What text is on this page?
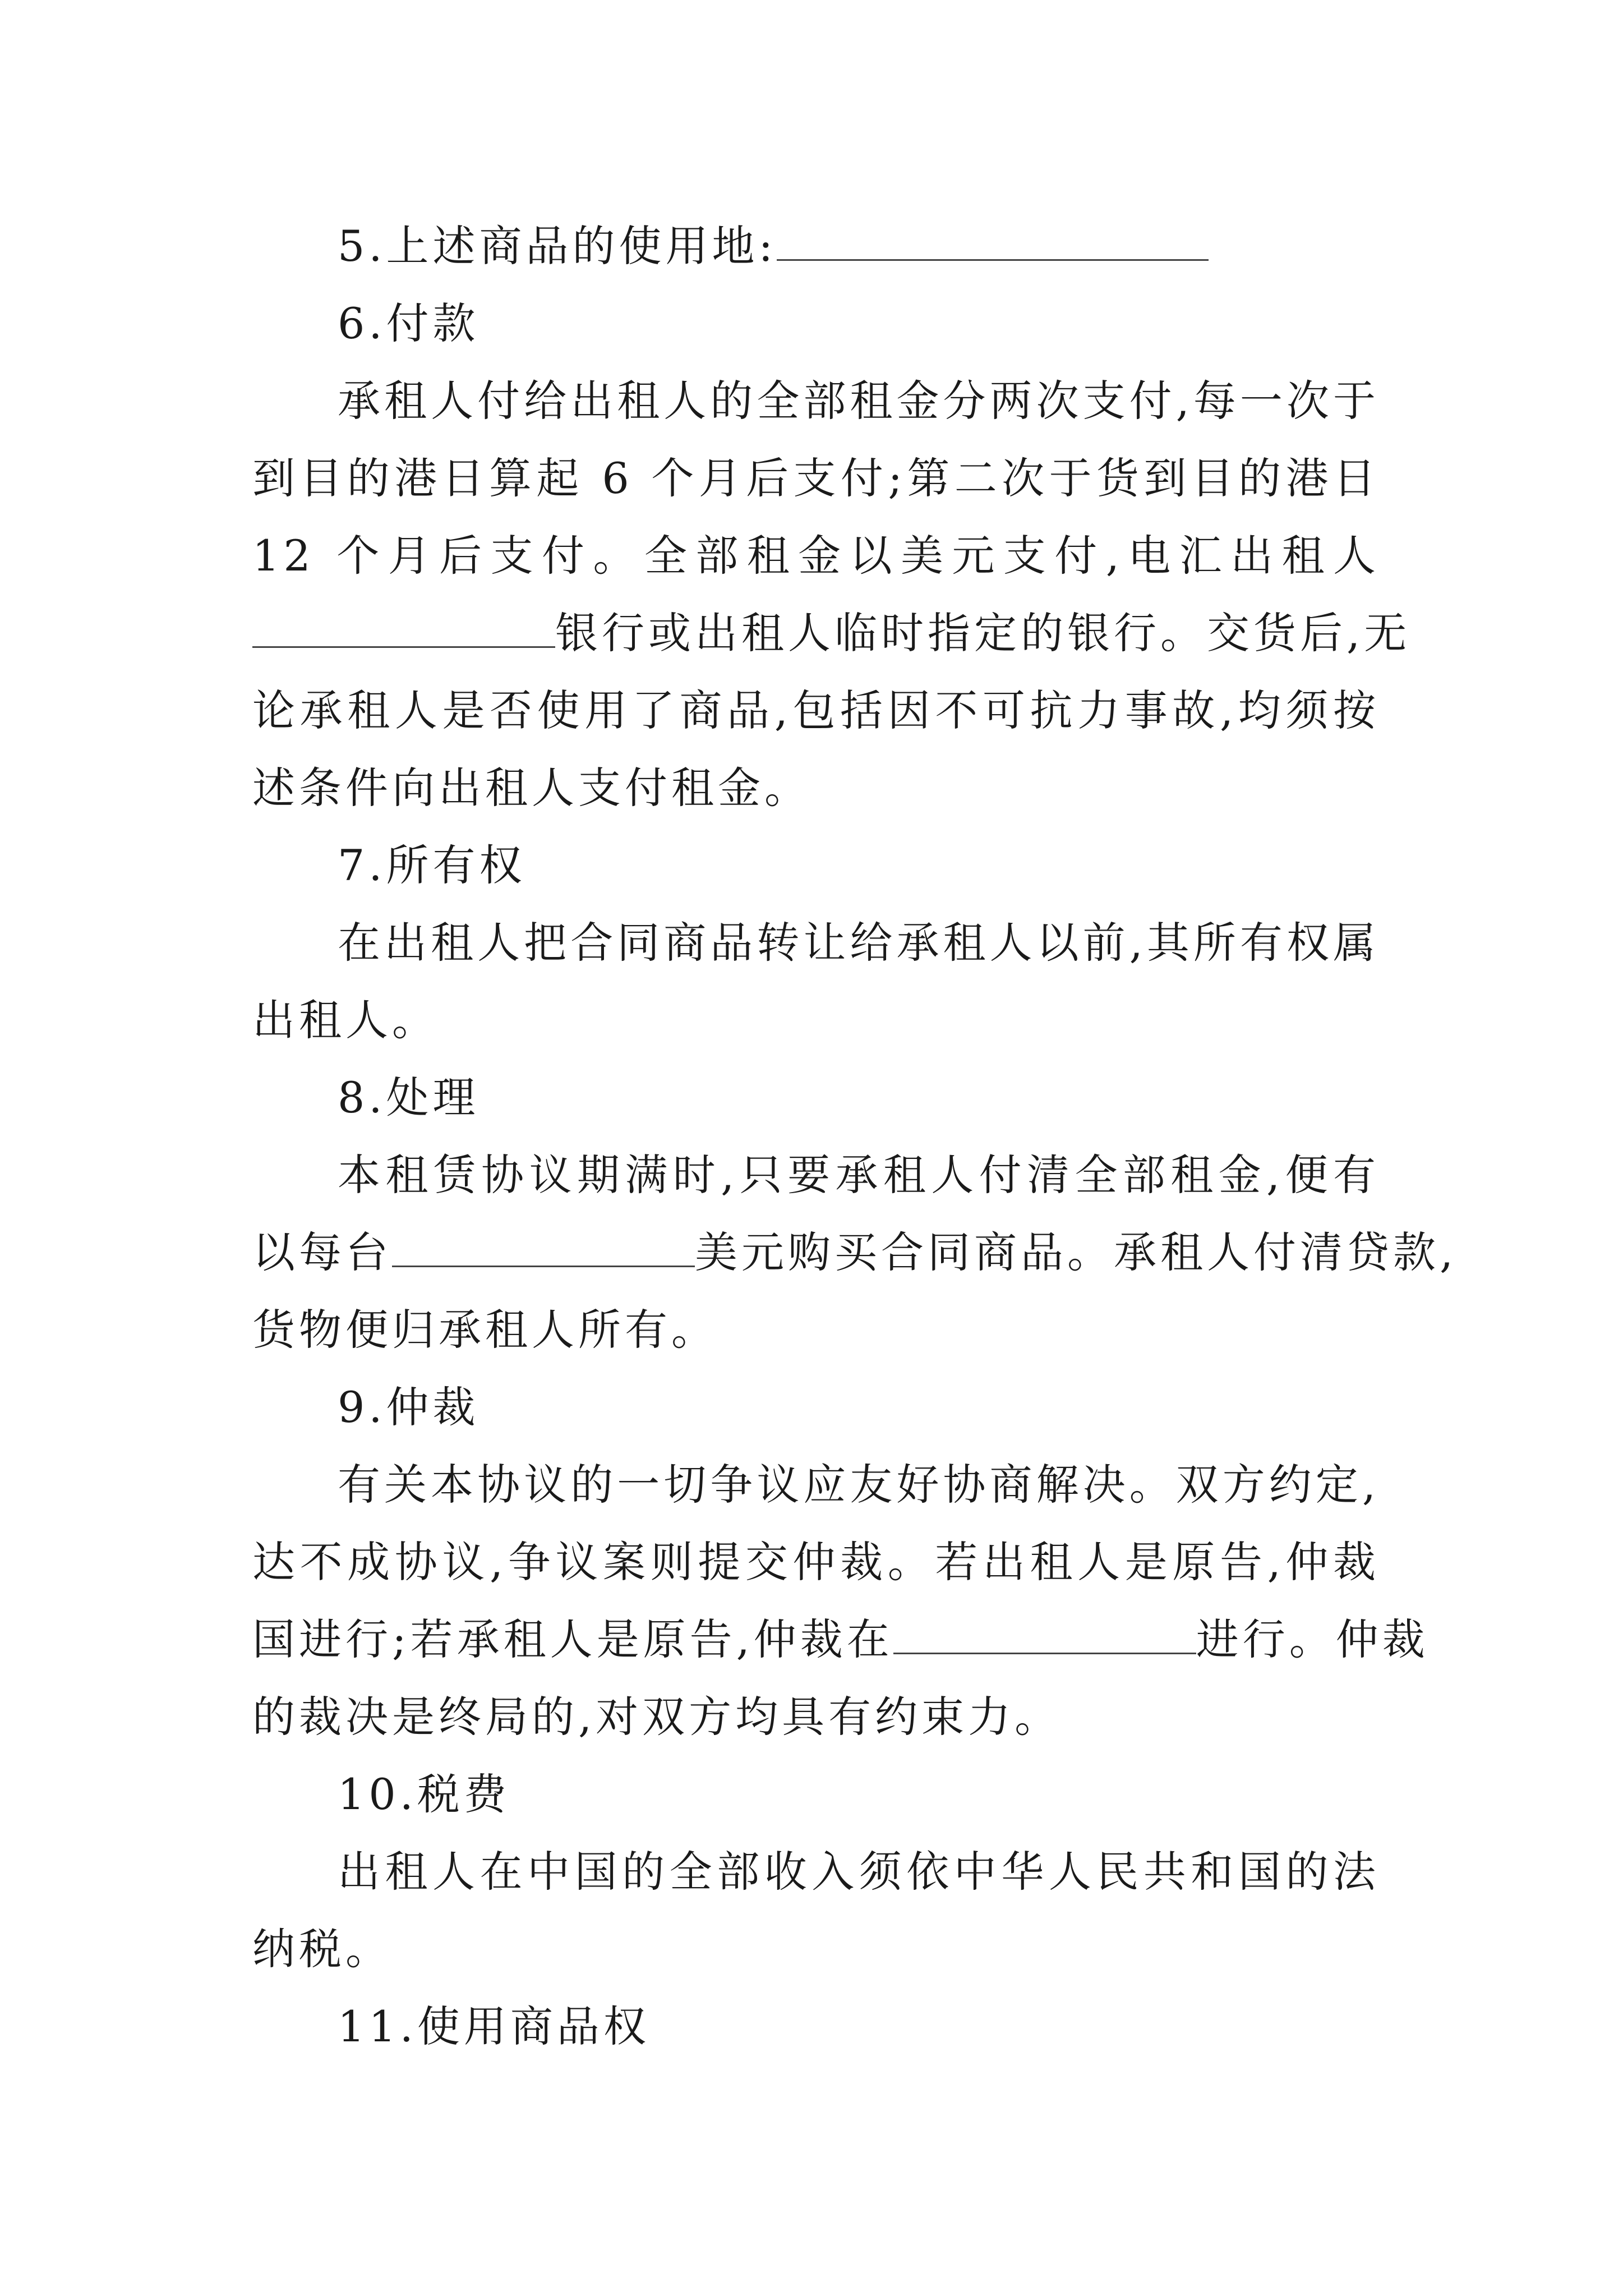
5.上述商品的使用地:
6.付款
承租人付给出租人的全部租金分两次支付,每一次于
到目的港日算起 6 个月后支付;第二次于货到目的港日
12 个月后支付。全部租金以美元支付,电汇出租人
银行或出租人临时指定的银行。交货后,无
论承租人是否使用了商品,包括因不可抗力事故,均须按
述条件向出租人支付租金。
7.所有权
在出租人把合同商品转让给承租人以前,其所有权属
出租人。
8.处理
本租赁协议期满时,只要承租人付清全部租金,便有
以每台	美元购买合同商品。承租人付清贷款,
货物便归承租人所有。
9.仲裁
有关本协议的一切争议应友好协商解决。双方约定,
达不成协议,争议案则提交仲裁。若出租人是原告,仲裁
国进行;若承租人是原告,仲裁在	进行。仲裁
的裁决是终局的,对双方均具有约束力。
10.税费
出租人在中国的全部收入须依中华人民共和国的法
纳税。
11.使用商品权
